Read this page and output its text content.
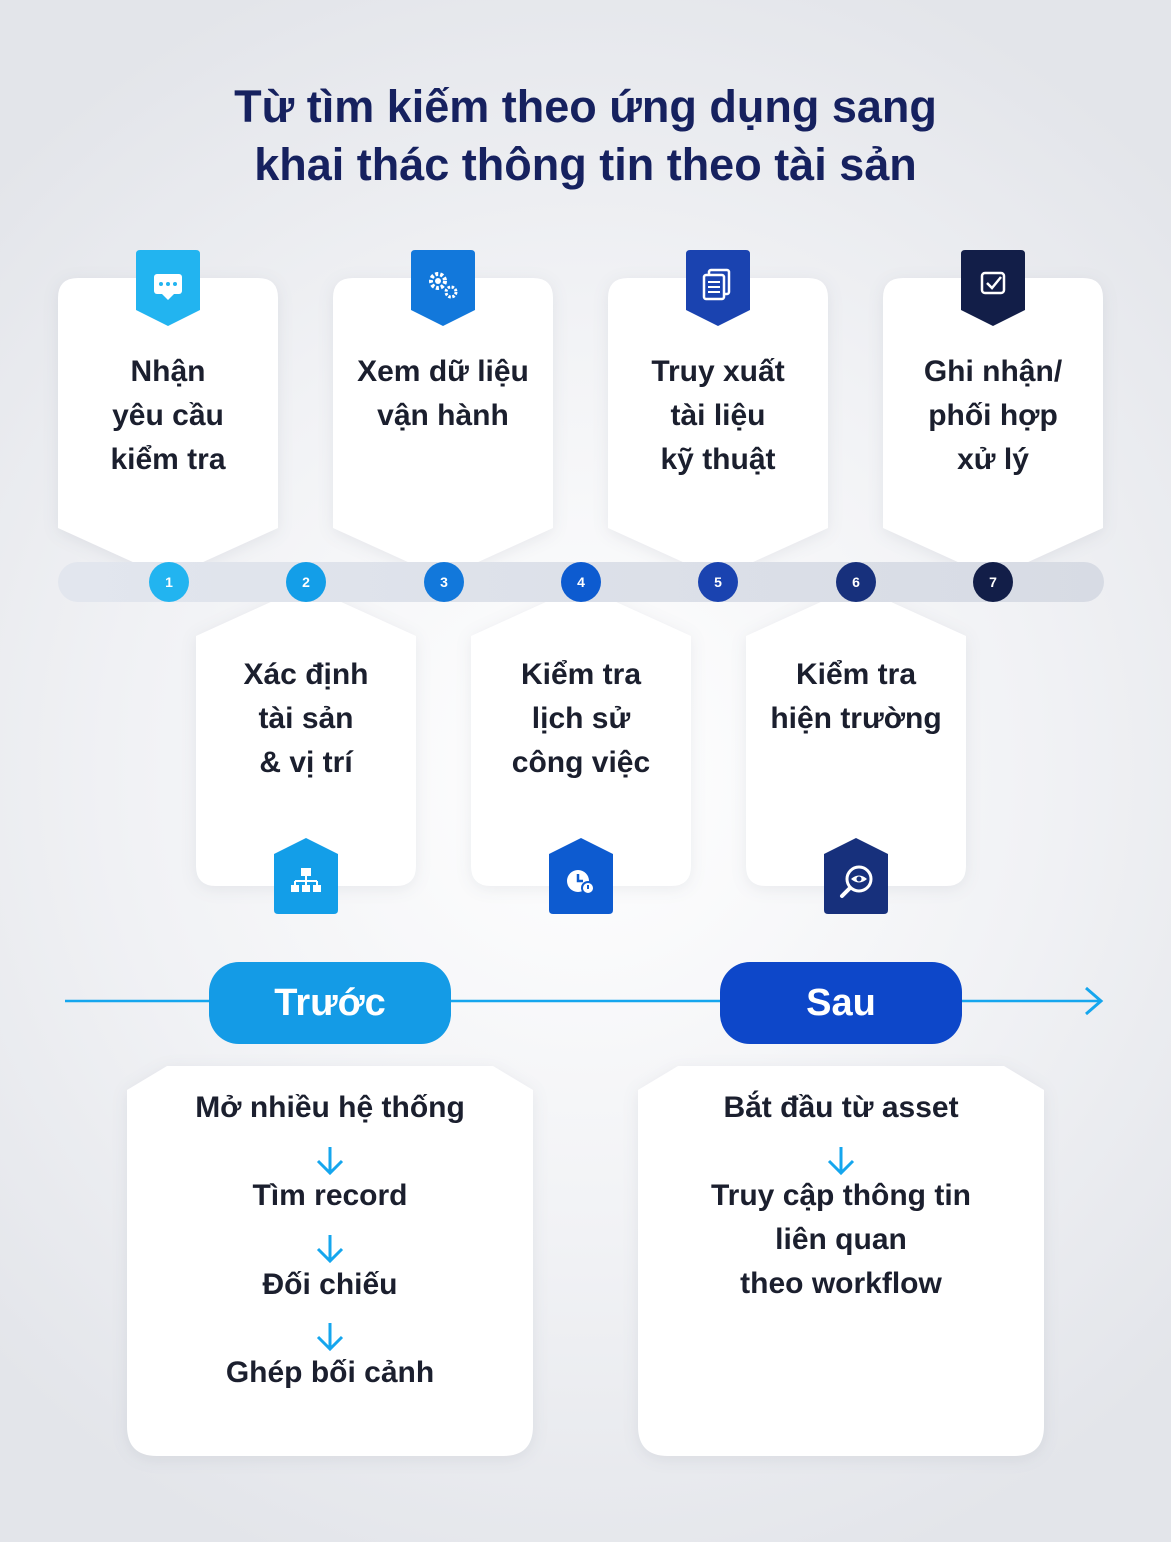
Từ tìm kiếm theo ứng dụng sang
khai thác thông tin theo tài sản
Nhận
yêu cầu
kiểm tra
Xem dữ liệu
vận hành
Truy xuất
tài liệu
kỹ thuật
Ghi nhận/
phối hợp
xử lý
Xác định
tài sản
& vị trí
Kiểm tra
lịch sử
công việc
Kiểm tra
hiện trường
1	2	3	4	5	6	7
Trước	Sau
Mở nhiều hệ thống
Tìm record
Đối chiếu
Ghép bối cảnh
Bắt đầu từ asset
Truy cập thông tin
liên quan
theo workflow
